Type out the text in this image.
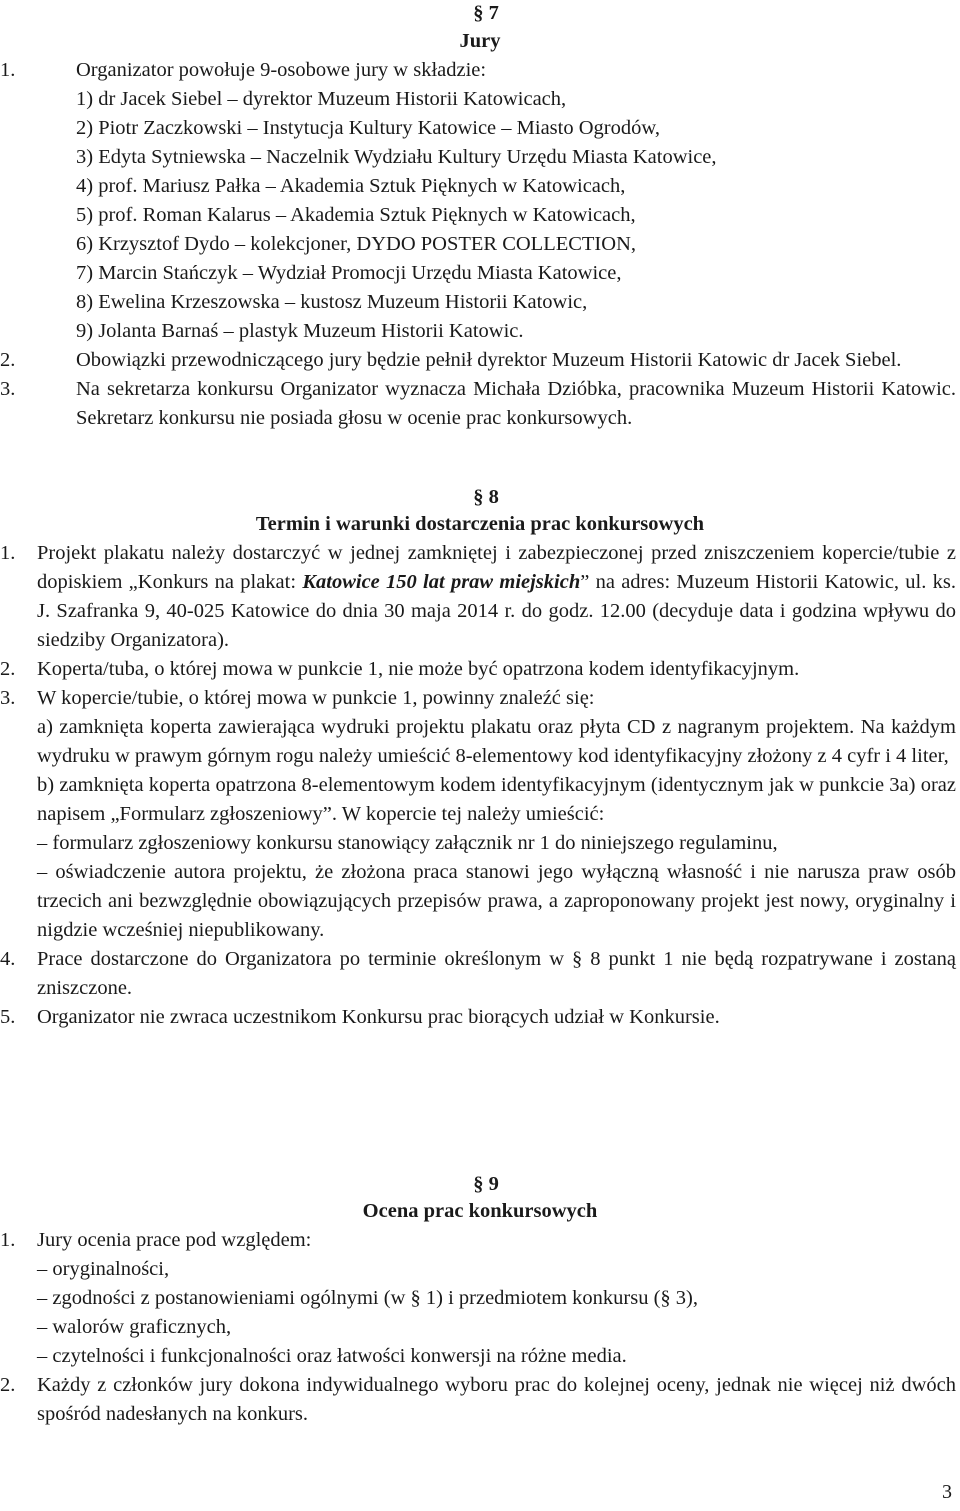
§ 7
Jury
1.	Organizator powołuje 9-osobowe jury w składzie:
1) dr Jacek Siebel – dyrektor Muzeum Historii Katowicach,
2) Piotr Zaczkowski – Instytucja Kultury Katowice – Miasto Ogrodów,
3) Edyta Sytniewska – Naczelnik Wydziału Kultury Urzędu Miasta Katowice,
4) prof. Mariusz Pałka – Akademia Sztuk Pięknych w Katowicach,
5) prof. Roman Kalarus – Akademia Sztuk Pięknych w Katowicach,
6) Krzysztof Dydo – kolekcjoner, DYDO POSTER COLLECTION,
7) Marcin Stańczyk – Wydział Promocji Urzędu Miasta Katowice,
8) Ewelina Krzeszowska – kustosz Muzeum Historii Katowic,
9) Jolanta Barnaś – plastyk Muzeum Historii Katowic.
2.	Obowiązki przewodniczącego jury będzie pełnił dyrektor Muzeum Historii Katowic dr Jacek Siebel.
3.	Na sekretarza konkursu Organizator wyznacza Michała Dzióbka, pracownika Muzeum Historii Katowic. Sekretarz konkursu nie posiada głosu w ocenie prac konkursowych.
§ 8
Termin i warunki dostarczenia prac konkursowych
1. Projekt plakatu należy dostarczyć w jednej zamkniętej i zabezpieczonej przed zniszczeniem kopercie/tubie z dopiskiem „Konkurs na plakat: Katowice 150 lat praw miejskich” na adres: Muzeum Historii Katowic, ul. ks. J. Szafranka 9, 40-025 Katowice do dnia 30 maja 2014 r. do godz. 12.00 (decyduje data i godzina wpływu do siedziby Organizatora).
2. Koperta/tuba, o której mowa w punkcie 1, nie może być opatrzona kodem identyfikacyjnym.
3. W kopercie/tubie, o której mowa w punkcie 1, powinny znaleźć się:
a) zamknięta koperta zawierająca wydruki projektu plakatu oraz płyta CD z nagranym projektem. Na każdym wydruku w prawym górnym rogu należy umieścić 8-elementowy kod identyfikacyjny złożony z 4 cyfr i 4 liter,
b) zamknięta koperta opatrzona 8-elementowym kodem identyfikacyjnym (identycznym jak w punkcie 3a) oraz napisem „Formularz zgłoszeniowy”. W kopercie tej należy umieścić:
– formularz zgłoszeniowy konkursu stanowiący załącznik nr 1 do niniejszego regulaminu,
– oświadczenie autora projektu, że złożona praca stanowi jego wyłączną własność i nie narusza praw osób trzecich ani bezwzględnie obowiązujących przepisów prawa, a zaproponowany projekt jest nowy, oryginalny i nigdzie wcześniej niepublikowany.
4. Prace dostarczone do Organizatora po terminie określonym w § 8 punkt 1 nie będą rozpatrywane i zostaną zniszczone.
5. Organizator nie zwraca uczestnikom Konkursu prac biorących udział w Konkursie.
§ 9
Ocena prac konkursowych
1. Jury ocenia prace pod względem:
– oryginalności,
– zgodności z postanowieniami ogólnymi (w § 1) i przedmiotem konkursu (§ 3),
– walorów graficznych,
– czytelności i funkcjonalności oraz łatwości konwersji na różne media.
2. Każdy z członków jury dokona indywidualnego wyboru prac do kolejnej oceny, jednak nie więcej niż dwóch spośród nadesłanych na konkurs.
3
